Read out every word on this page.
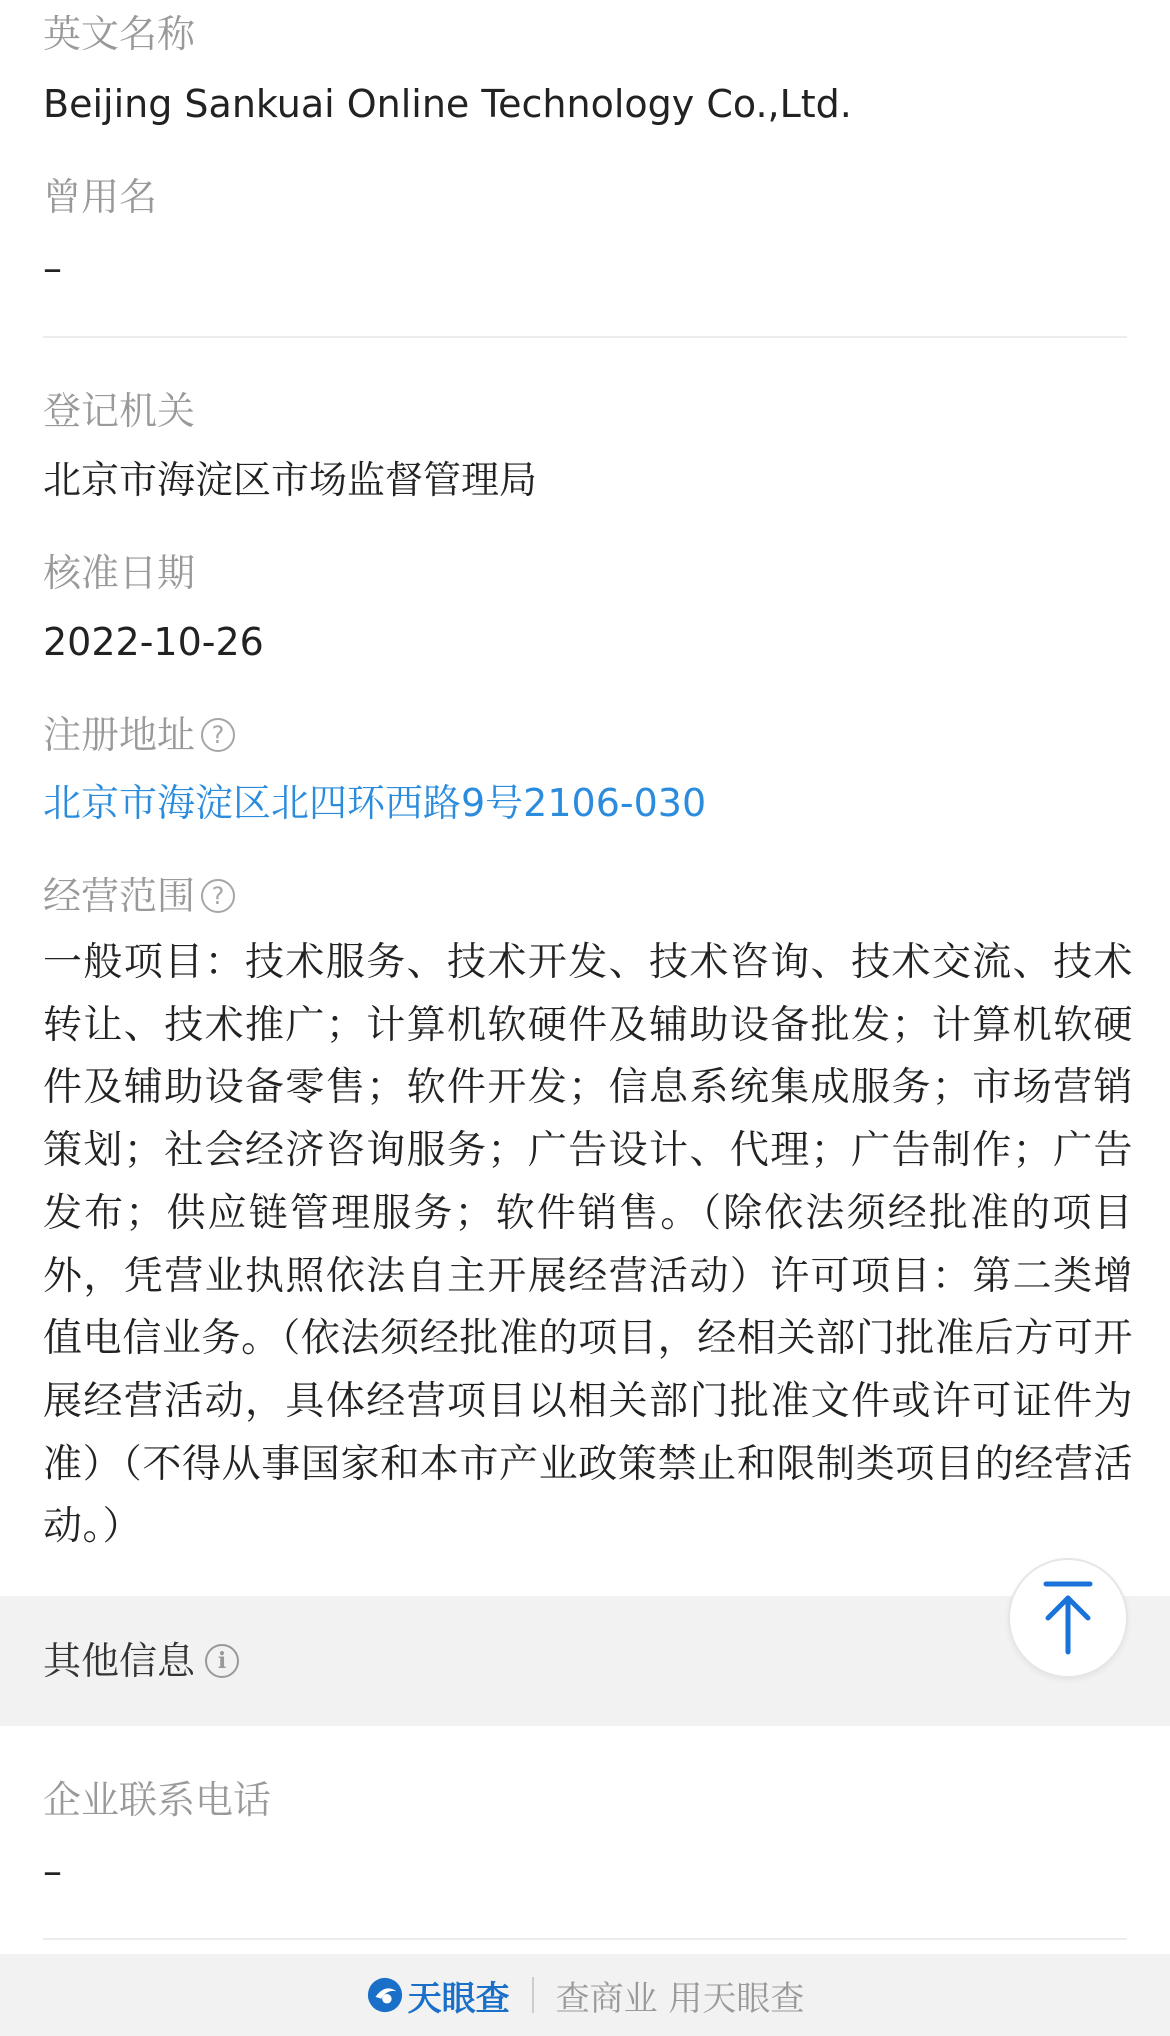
英文名称
Beijing Sankuai Online Technology Co.,Ltd.
曾用名
–
登记机关
北京市海淀区市场监督管理局
核准日期
2022-10-26
注册地址 ?
北京市海淀区北四环西路9号2106-030
经营范围 ?
一般项目：技术服务、技术开发、技术咨询、技术交流、技术转让、技术推广；计算机软硬件及辅助设备批发；计算机软硬件及辅助设备零售；软件开发；信息系统集成服务；市场营销策划；社会经济咨询服务；广告设计、代理；广告制作；广告发布；供应链管理服务；软件销售。（除依法须经批准的项目外，凭营业执照依法自主开展经营活动）许可项目：第二类增值电信业务。（依法须经批准的项目，经相关部门批准后方可开展经营活动，具体经营项目以相关部门批准文件或许可证件为准）（不得从事国家和本市产业政策禁止和限制类项目的经营活动。）
其他信息	i
企业联系电话
–
天眼查 查商业 用天眼查
